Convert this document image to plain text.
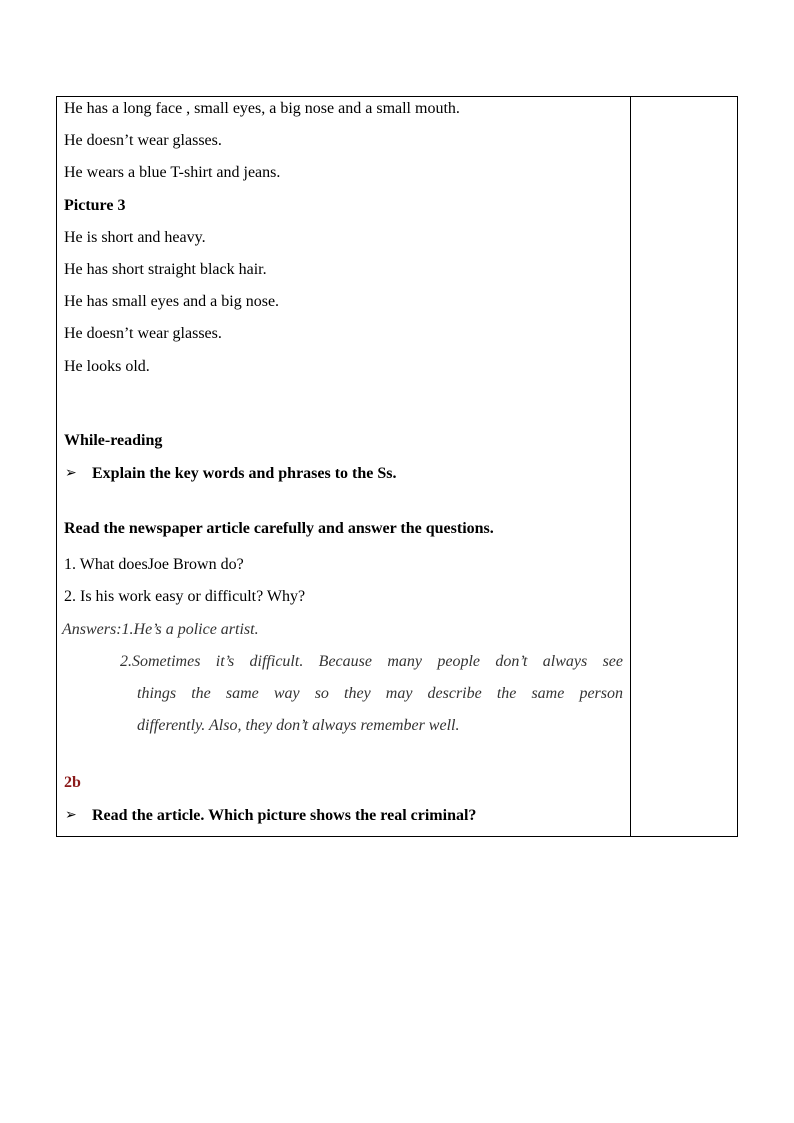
He has a long face , small eyes, a big nose and a small mouth.
He doesn’t wear glasses.
He wears a blue T-shirt and jeans.
Picture 3
He is short and heavy.
He has short straight black hair.
He has small eyes and a big nose.
He doesn’t wear glasses.
He looks old.
While-reading
➢ Explain the key words and phrases to the Ss.
Read the newspaper article carefully and answer the questions.
1. What doesJoe Brown do?
2. Is his work easy or difficult? Why?
Answers:1.He’s a police artist.
2.Sometimes it’s difficult. Because many people don’t always see
things the same way so they may describe the same person
differently. Also, they don’t always remember well.
2b
➢ Read the article. Which picture shows the real criminal?
